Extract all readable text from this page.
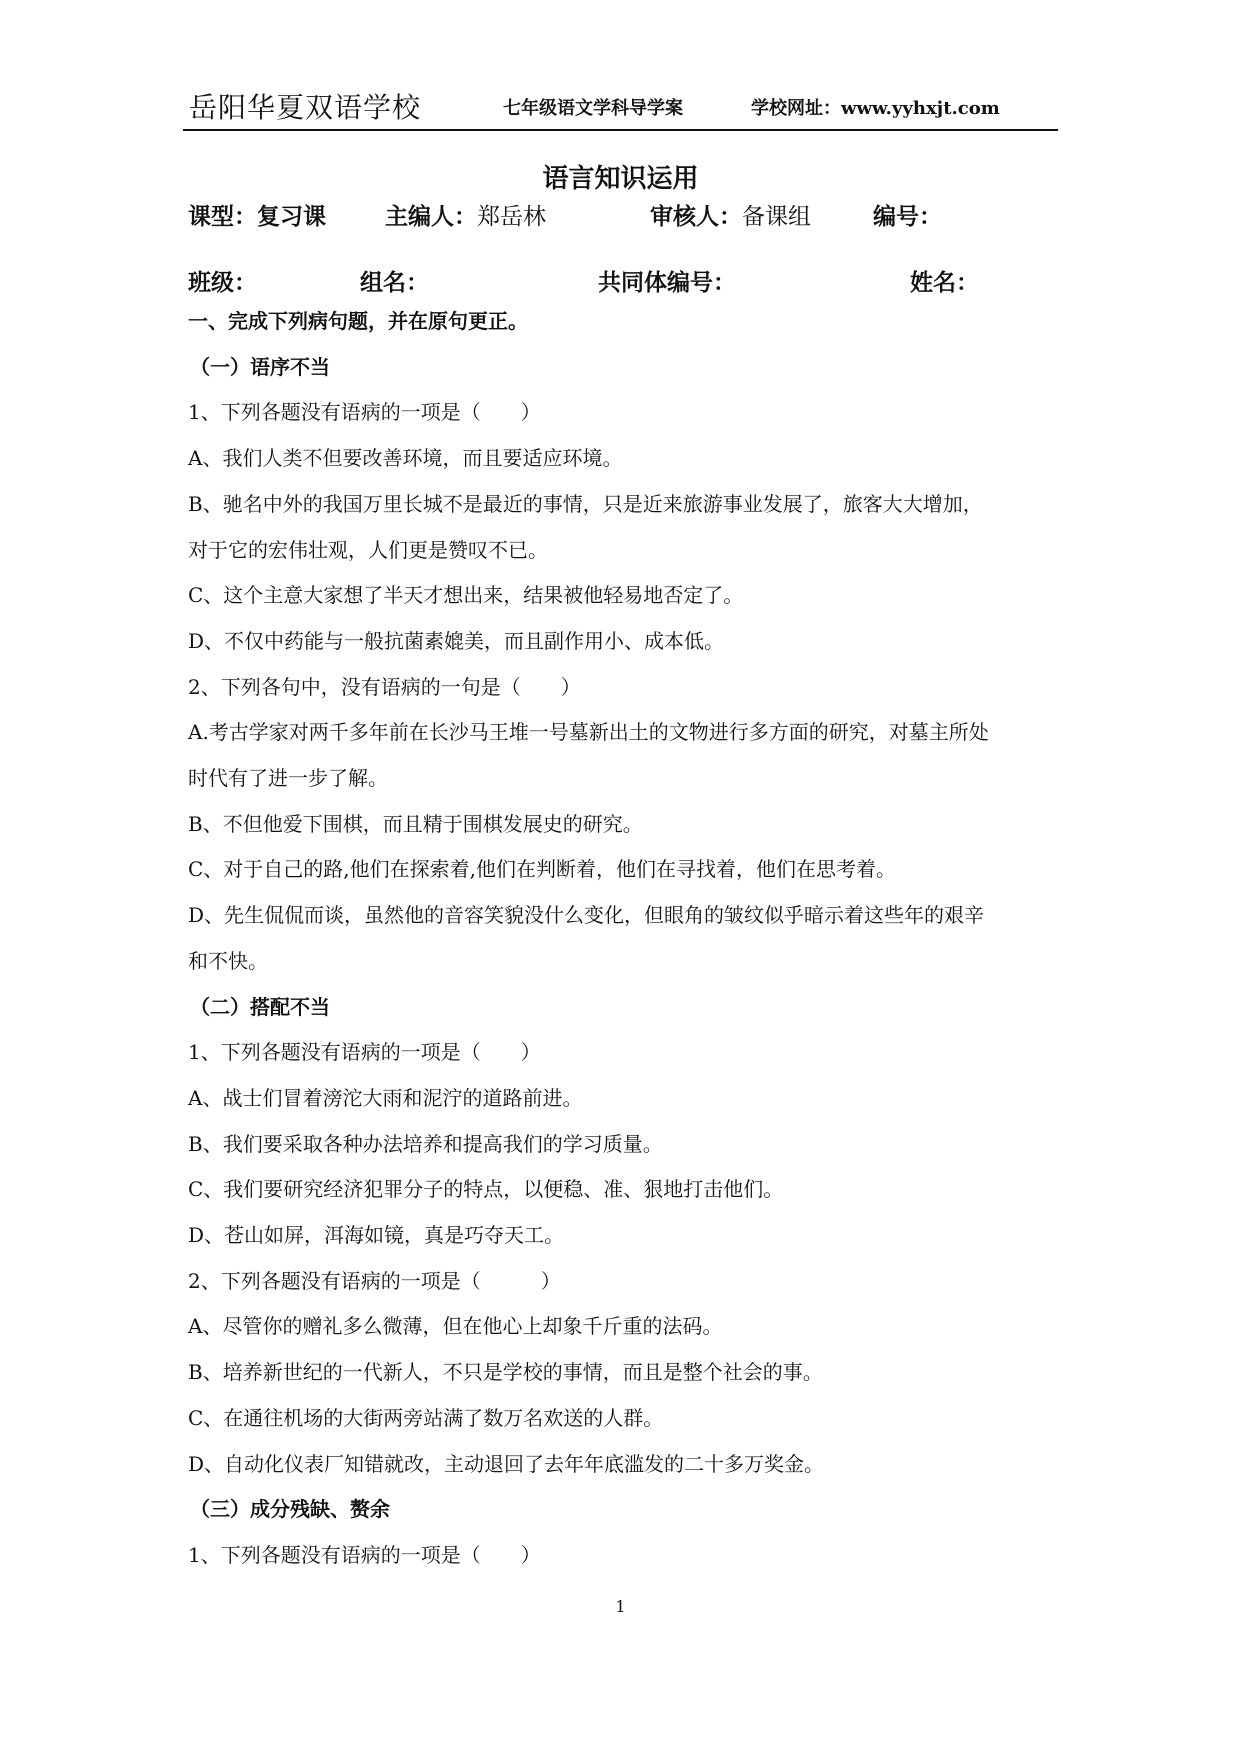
岳阳华夏双语学校	七年级语文学科导学案	学校网址：www.yyhxjt.com
语言知识运用
课型：复习课	主编人：郑岳林	审核人：备课组	编号：
班级：	组名：	共同体编号：	姓名：
一、完成下列病句题，并在原句更正。
（一）语序不当
1、下列各题没有语病的一项是（　　）
A、我们人类不但要改善环境，而且要适应环境。
B、驰名中外的我国万里长城不是最近的事情，只是近来旅游事业发展了，旅客大大增加，
对于它的宏伟壮观，人们更是赞叹不已。
C、这个主意大家想了半天才想出来，结果被他轻易地否定了。
D、不仅中药能与一般抗菌素媲美，而且副作用小、成本低。
2、下列各句中，没有语病的一句是（　　）
A.考古学家对两千多年前在长沙马王堆一号墓新出土的文物进行多方面的研究，对墓主所处
时代有了进一步了解。
B、不但他爱下围棋，而且精于围棋发展史的研究。
C、对于自己的路,他们在探索着,他们在判断着，他们在寻找着，他们在思考着。
D、先生侃侃而谈，虽然他的音容笑貌没什么变化，但眼角的皱纹似乎暗示着这些年的艰辛
和不快。
（二）搭配不当
1、下列各题没有语病的一项是（　　）
A、战士们冒着滂沱大雨和泥泞的道路前进。
B、我们要采取各种办法培养和提高我们的学习质量。
C、我们要研究经济犯罪分子的特点，以便稳、准、狠地打击他们。
D、苍山如屏，洱海如镜，真是巧夺天工。
2、下列各题没有语病的一项是（　　　）
A、尽管你的赠礼多么微薄，但在他心上却象千斤重的法码。
B、培养新世纪的一代新人，不只是学校的事情，而且是整个社会的事。
C、在通往机场的大街两旁站满了数万名欢送的人群。
D、自动化仪表厂知错就改，主动退回了去年年底滥发的二十多万奖金。
（三）成分残缺、赘余
1、下列各题没有语病的一项是（　　）
1
